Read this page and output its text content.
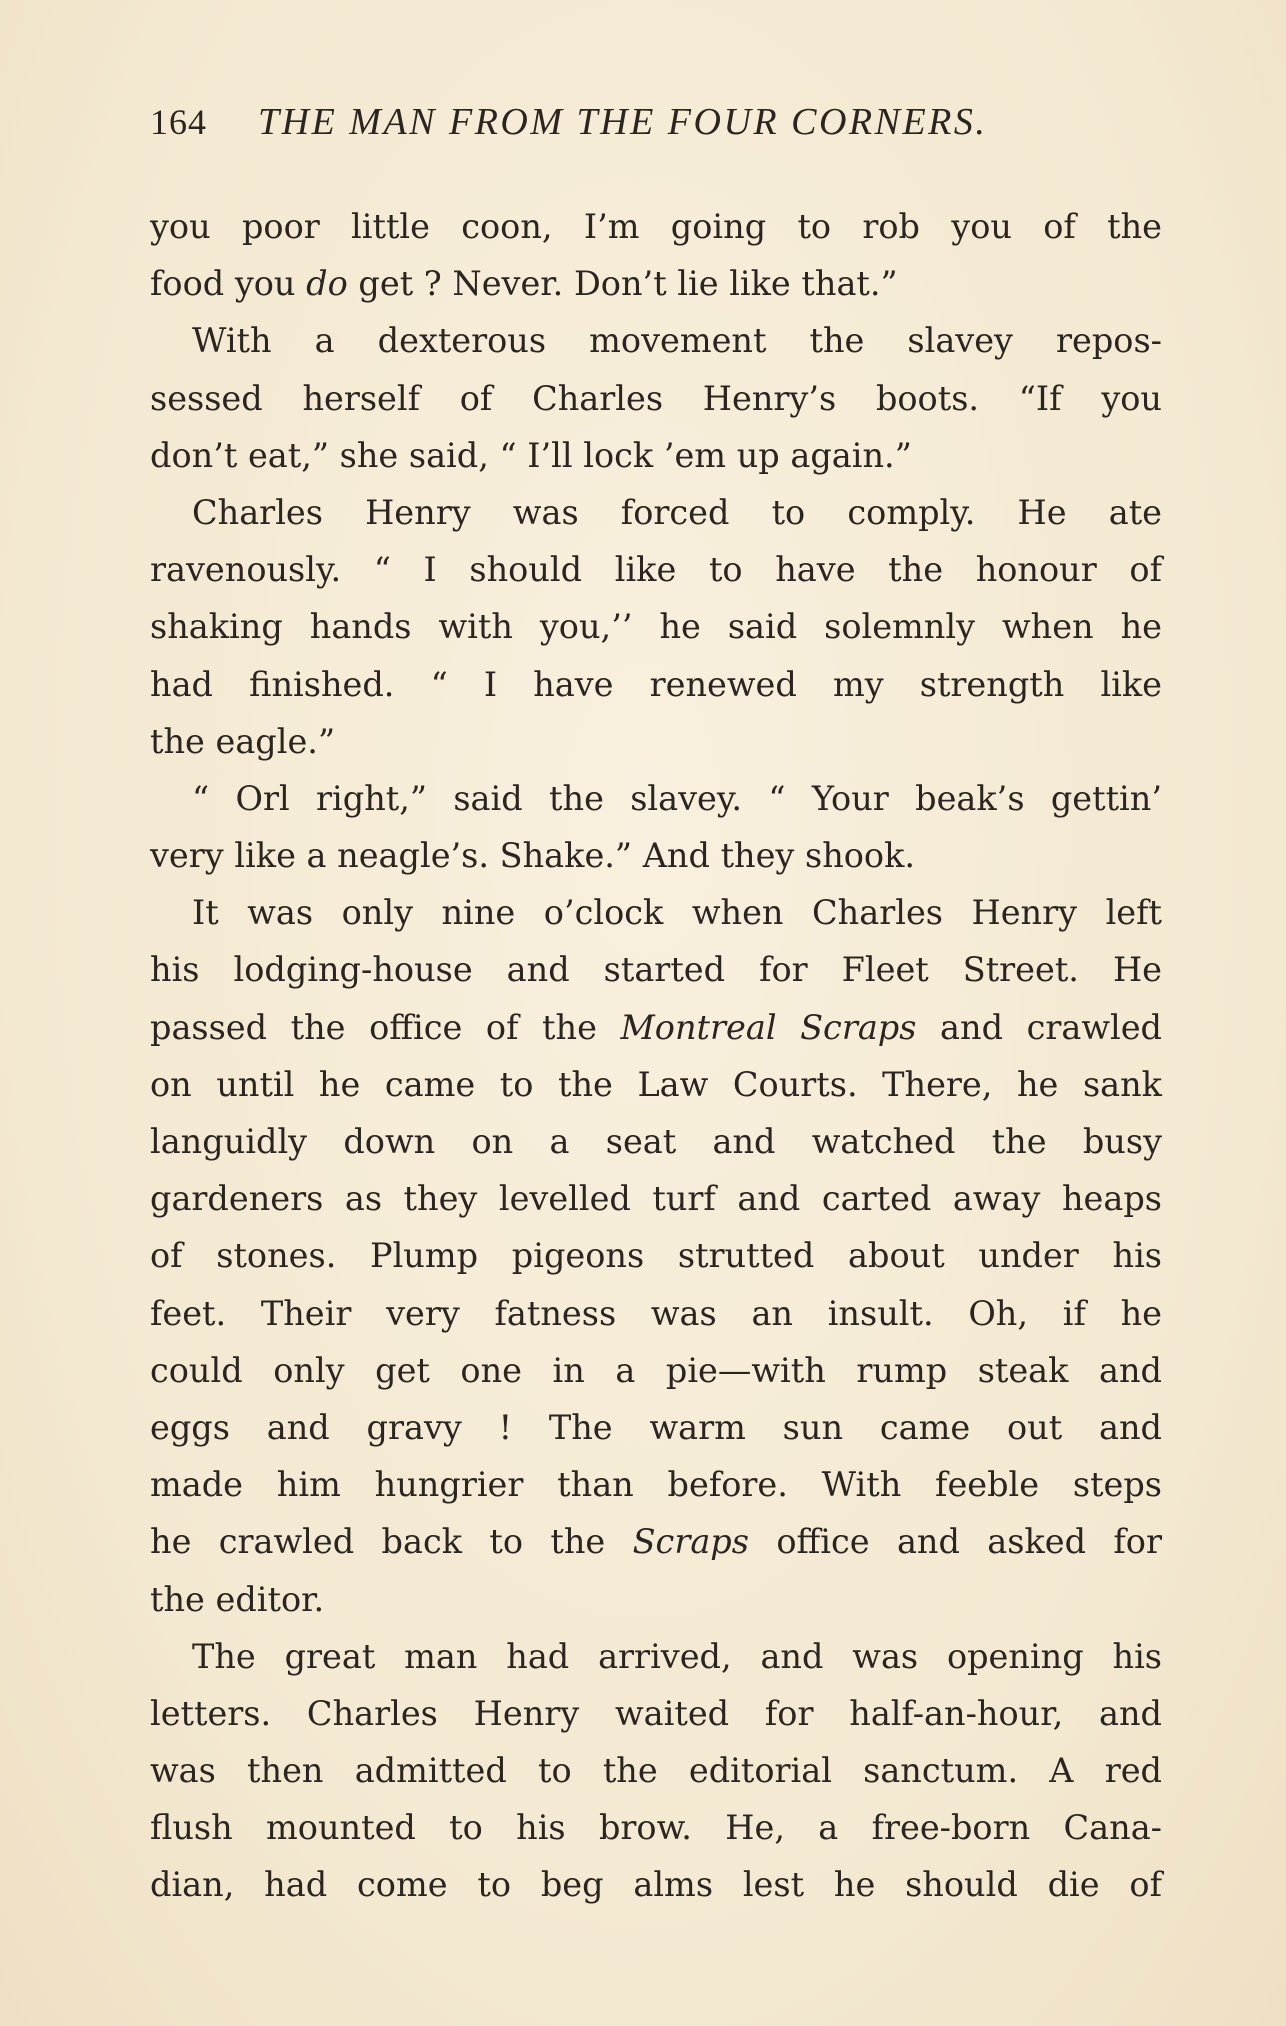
164	THE MAN FROM THE FOUR CORNERS.
you poor little coon, I’m going to rob you of the
food you do get ? Never. Don’t lie like that.”
With a dexterous movement the slavey repos-
sessed herself of Charles Henry’s boots. “If you
don’t eat,” she said, “ I’ll lock ’em up again.”
Charles Henry was forced to comply. He ate
ravenously. “ I should like to have the honour of
shaking hands with you,’’ he said solemnly when he
had finished. “ I have renewed my strength like
the eagle.”
“ Orl right,” said the slavey. “ Your beak’s gettin’
very like a neagle’s. Shake.” And they shook.
It was only nine o’clock when Charles Henry left
his lodging-house and started for Fleet Street. He
passed the office of the Montreal Scraps and crawled
on until he came to the Law Courts. There, he sank
languidly down on a seat and watched the busy
gardeners as they levelled turf and carted away heaps
of stones. Plump pigeons strutted about under his
feet. Their very fatness was an insult. Oh, if he
could only get one in a pie—with rump steak and
eggs and gravy ! The warm sun came out and
made him hungrier than before. With feeble steps
he crawled back to the Scraps office and asked for
the editor.
The great man had arrived, and was opening his
letters. Charles Henry waited for half-an-hour, and
was then admitted to the editorial sanctum. A red
flush mounted to his brow. He, a free-born Cana-
dian, had come to beg alms lest he should die of
